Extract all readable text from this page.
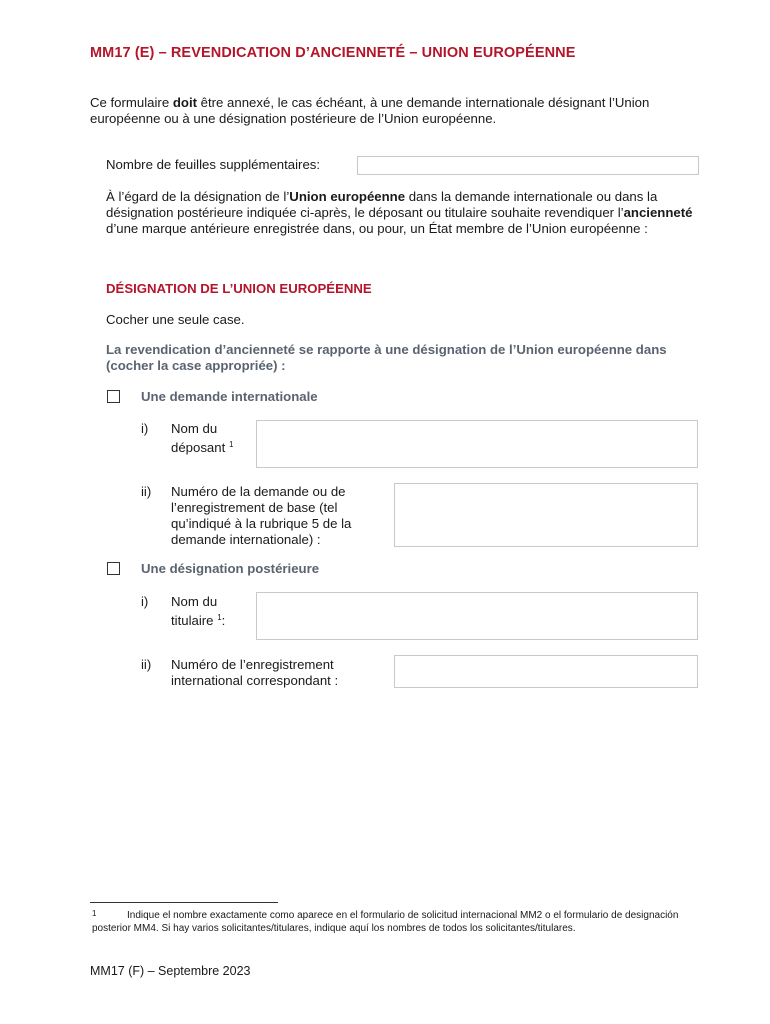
MM17 (E) – REVENDICATION D’ANCIENNETÉ – UNION EUROPÉENNE
Ce formulaire doit être annexé, le cas échéant, à une demande internationale désignant l’Union européenne ou à une désignation postérieure de l’Union européenne.
Nombre de feuilles supplémentaires:
À l’égard de la désignation de l’Union européenne dans la demande internationale ou dans la désignation postérieure indiquée ci-après, le déposant ou titulaire souhaite revendiquer l’ancienneté d’une marque antérieure enregistrée dans, ou pour, un État membre de l’Union européenne :
DÉSIGNATION DE L’UNION EUROPÉENNE
Cocher une seule case.
La revendication d’ancienneté se rapporte à une désignation de l’Union européenne dans (cocher la case appropriée) :
Une demande internationale
i) Nom du
déposant $^1$
ii) Numéro de la demande ou de l’enregistrement de base (tel qu’indiqué à la rubrique 5 de la demande internationale) :
Une désignation postérieure
i) Nom du
titulaire $^1$:
ii) Numéro de l’enregistrement international correspondant :
1	Indique el nombre exactamente como aparece en el formulario de solicitud internacional MM2 o el formulario de designación posterior MM4. Si hay varios solicitantes/titulares, indique aquí los nombres de todos los solicitantes/titulares.
MM17 (F) – Septembre 2023
